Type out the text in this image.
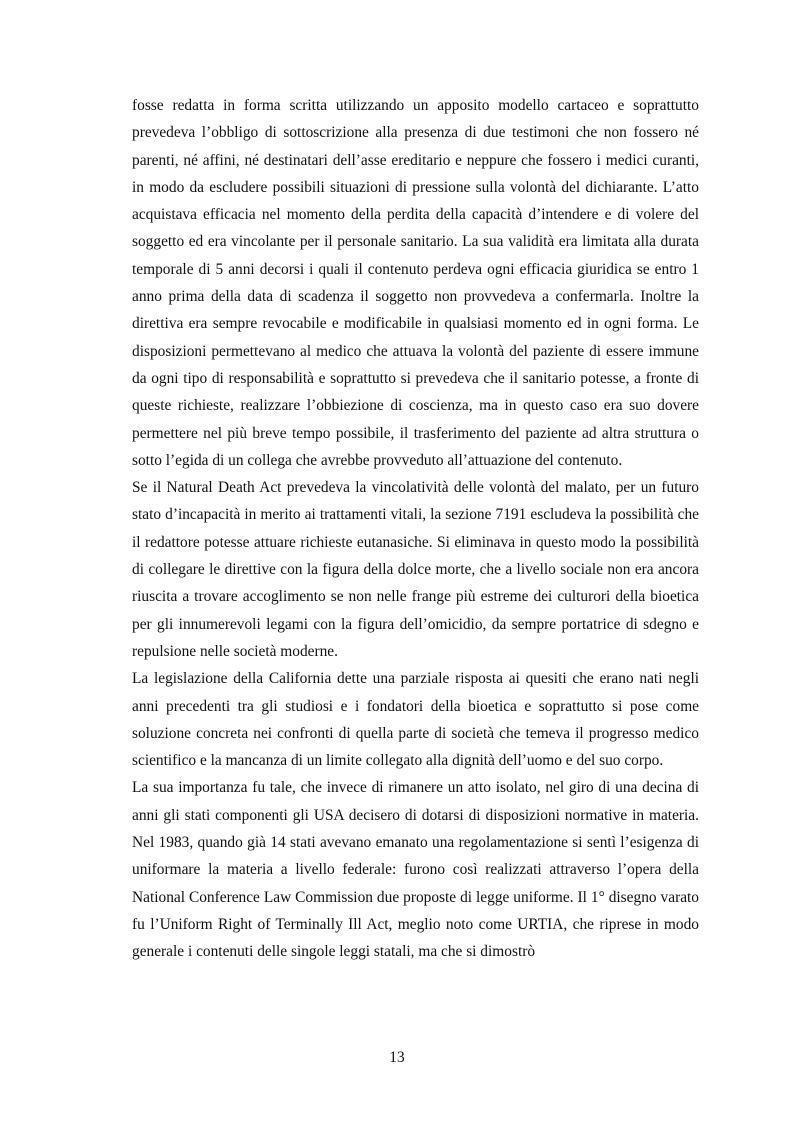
fosse redatta in forma scritta utilizzando un apposito modello cartaceo e soprattutto prevedeva l’obbligo di sottoscrizione alla presenza di due testimoni che non fossero né parenti, né affini, né destinatari dell’asse ereditario e neppure che fossero i medici curanti, in modo da escludere possibili situazioni di pressione sulla volontà del dichiarante. L’atto acquistava efficacia nel momento della perdita della capacità d’intendere e di volere del soggetto ed era vincolante per il personale sanitario. La sua validità era limitata alla durata temporale di 5 anni decorsi i quali il contenuto perdeva ogni efficacia giuridica se entro 1 anno prima della data di scadenza il soggetto non provvedeva a confermarla. Inoltre la direttiva era sempre revocabile e modificabile in qualsiasi momento ed in ogni forma. Le disposizioni permettevano al medico che attuava la volontà del paziente di essere immune da ogni tipo di responsabilità e soprattutto si prevedeva che il sanitario potesse, a fronte di queste richieste, realizzare l’obbiezione di coscienza, ma in questo caso era suo dovere permettere nel più breve tempo possibile, il trasferimento del paziente ad altra struttura o sotto l’egida di un collega che avrebbe provveduto all’attuazione del contenuto.

Se il Natural Death Act prevedeva la vincolatività delle volontà del malato, per un futuro stato d’incapacità in merito ai trattamenti vitali, la sezione 7191 escludeva la possibilità che il redattore potesse attuare richieste eutanasiche. Si eliminava in questo modo la possibilità di collegare le direttive con la figura della dolce morte, che a livello sociale non era ancora riuscita a trovare accoglimento se non nelle frange più estreme dei culturori della bioetica per gli innumerevoli legami con la figura dell’omicidio, da sempre portatrice di sdegno e repulsione nelle società moderne.

La legislazione della California dette una parziale risposta ai quesiti che erano nati negli anni precedenti tra gli studiosi e i fondatori della bioetica e soprattutto si pose come soluzione concreta nei confronti di quella parte di società che temeva il progresso medico scientifico e la mancanza di un limite collegato alla dignità dell’uomo e del suo corpo.

La sua importanza fu tale, che invece di rimanere un atto isolato, nel giro di una decina di anni gli stati componenti gli USA decisero di dotarsi di disposizioni normative in materia. Nel 1983, quando già 14 stati avevano emanato una regolamentazione si sentì l’esigenza di uniformare la materia a livello federale: furono così realizzati attraverso l’opera della National Conference Law Commission due proposte di legge uniforme. Il 1° disegno varato fu l’Uniform Right of Terminally Ill Act, meglio noto come URTIA, che riprese in modo generale i contenuti delle singole leggi statali, ma che si dimostrò

13
